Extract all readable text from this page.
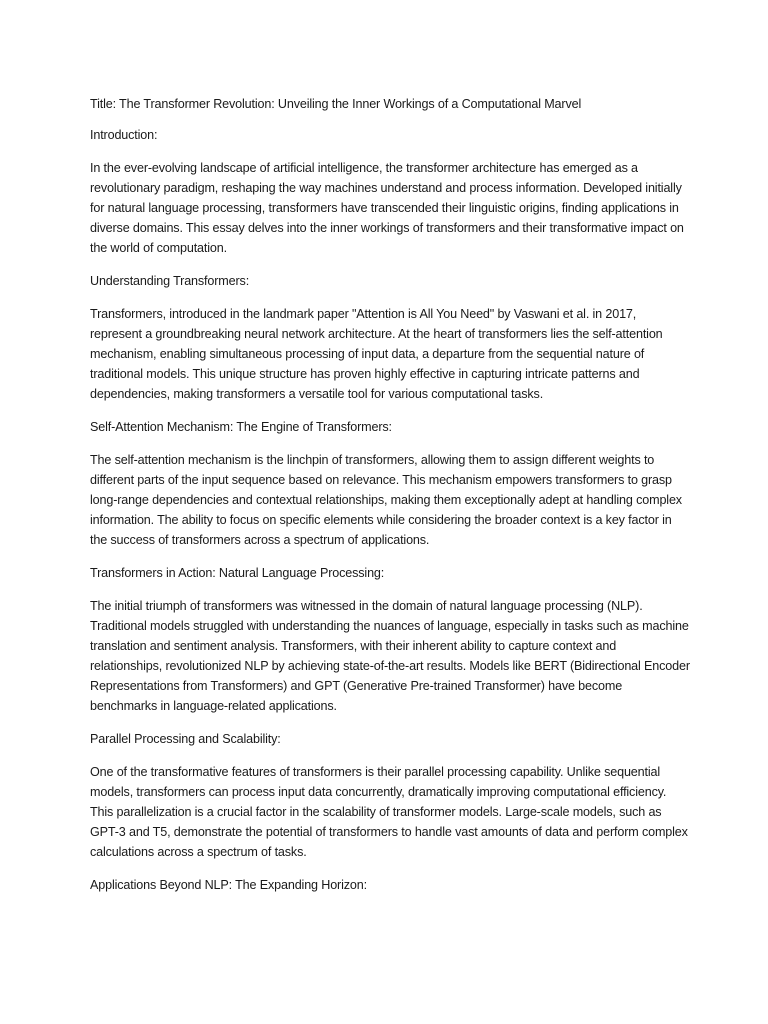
Title: The Transformer Revolution: Unveiling the Inner Workings of a Computational Marvel

Introduction:

In the ever-evolving landscape of artificial intelligence, the transformer architecture has emerged as a revolutionary paradigm, reshaping the way machines understand and process information. Developed initially for natural language processing, transformers have transcended their linguistic origins, finding applications in diverse domains. This essay delves into the inner workings of transformers and their transformative impact on the world of computation.

Understanding Transformers:

Transformers, introduced in the landmark paper "Attention is All You Need" by Vaswani et al. in 2017, represent a groundbreaking neural network architecture. At the heart of transformers lies the self-attention mechanism, enabling simultaneous processing of input data, a departure from the sequential nature of traditional models. This unique structure has proven highly effective in capturing intricate patterns and dependencies, making transformers a versatile tool for various computational tasks.

Self-Attention Mechanism: The Engine of Transformers:

The self-attention mechanism is the linchpin of transformers, allowing them to assign different weights to different parts of the input sequence based on relevance. This mechanism empowers transformers to grasp long-range dependencies and contextual relationships, making them exceptionally adept at handling complex information. The ability to focus on specific elements while considering the broader context is a key factor in the success of transformers across a spectrum of applications.

Transformers in Action: Natural Language Processing:

The initial triumph of transformers was witnessed in the domain of natural language processing (NLP). Traditional models struggled with understanding the nuances of language, especially in tasks such as machine translation and sentiment analysis. Transformers, with their inherent ability to capture context and relationships, revolutionized NLP by achieving state-of-the-art results. Models like BERT (Bidirectional Encoder Representations from Transformers) and GPT (Generative Pre-trained Transformer) have become benchmarks in language-related applications.

Parallel Processing and Scalability:

One of the transformative features of transformers is their parallel processing capability. Unlike sequential models, transformers can process input data concurrently, dramatically improving computational efficiency. This parallelization is a crucial factor in the scalability of transformer models. Large-scale models, such as GPT-3 and T5, demonstrate the potential of transformers to handle vast amounts of data and perform complex calculations across a spectrum of tasks.

Applications Beyond NLP: The Expanding Horizon:
